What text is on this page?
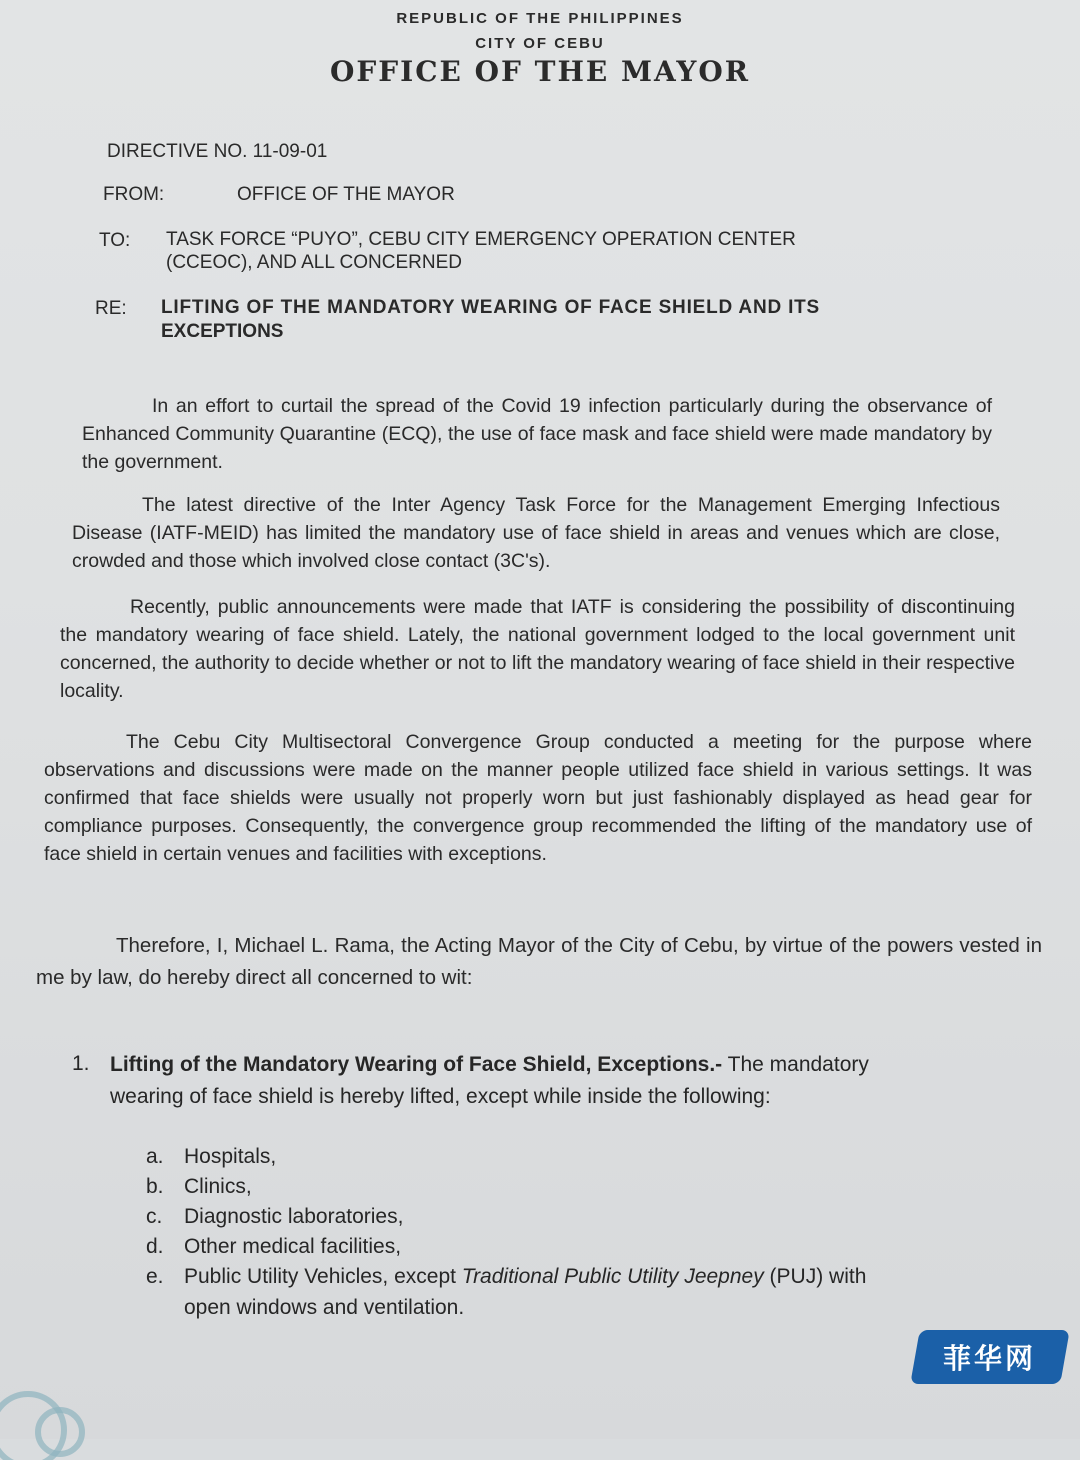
REPUBLIC OF THE PHILIPPINES
CITY OF CEBU
OFFICE OF THE MAYOR
DIRECTIVE NO. 11-09-01
FROM:	OFFICE OF THE MAYOR
TO: TASK FORCE “PUYO”, CEBU CITY EMERGENCY OPERATION CENTER
(CCEOC), AND ALL CONCERNED
RE: LIFTING OF THE MANDATORY WEARING OF FACE SHIELD AND ITS
EXCEPTIONS
In an effort to curtail the spread of the Covid 19 infection particularly during the observance of Enhanced Community Quarantine (ECQ), the use of face mask and face shield were made mandatory by the government.
The latest directive of the Inter Agency Task Force for the Management Emerging Infectious Disease (IATF-MEID) has limited the mandatory use of face shield in areas and venues which are close, crowded and those which involved close contact (3C's).
Recently, public announcements were made that IATF is considering the possibility of discontinuing the mandatory wearing of face shield. Lately, the national government lodged to the local government unit concerned, the authority to decide whether or not to lift the mandatory wearing of face shield in their respective locality.
The Cebu City Multisectoral Convergence Group conducted a meeting for the purpose where observations and discussions were made on the manner people utilized face shield in various settings. It was confirmed that face shields were usually not properly worn but just fashionably displayed as head gear for compliance purposes. Consequently, the convergence group recommended the lifting of the mandatory use of face shield in certain venues and facilities with exceptions.
Therefore, I, Michael L. Rama, the Acting Mayor of the City of Cebu, by virtue of the powers vested in me by law, do hereby direct all concerned to wit:
1. Lifting of the Mandatory Wearing of Face Shield, Exceptions.- The mandatory
wearing of face shield is hereby lifted, except while inside the following:
a. Hospitals,
b. Clinics,
c. Diagnostic laboratories,
d. Other medical facilities,
e. Public Utility Vehicles, except Traditional Public Utility Jeepney (PUJ) with
open windows and ventilation.
菲华网
